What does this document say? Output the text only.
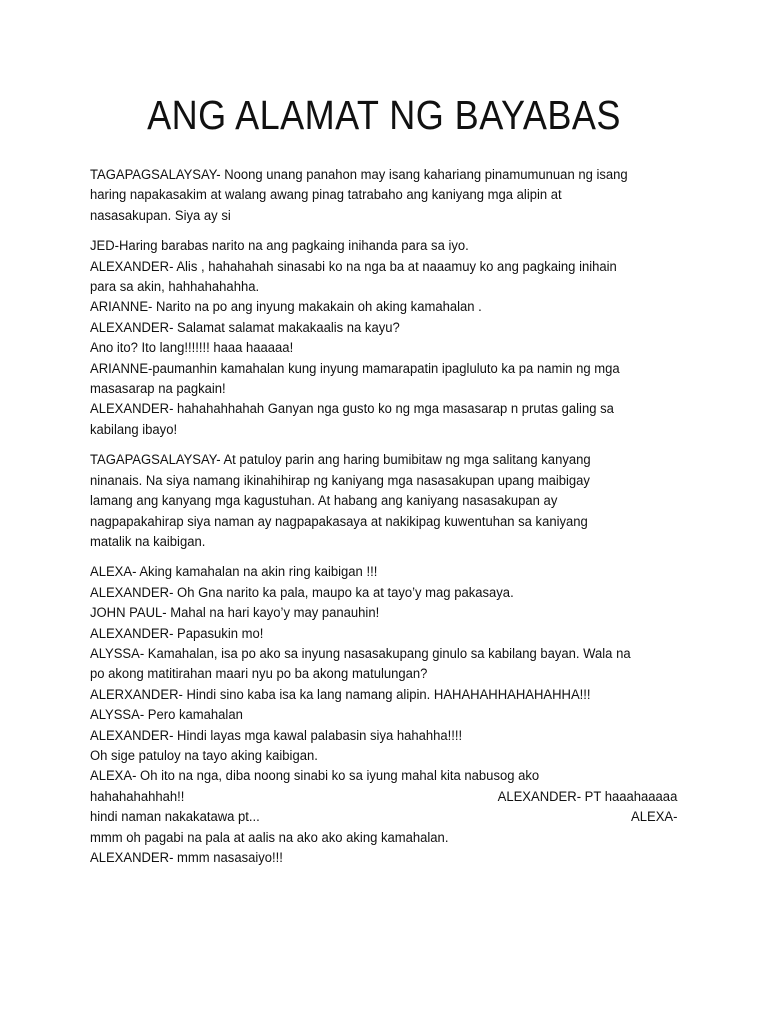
ANG ALAMAT NG BAYABAS
TAGAPAGSALAYSAY- Noong unang panahon may isang kahariang pinamumunuan ng isang
haring napakasakim at walang awang pinag tatrabaho ang kaniyang mga alipin at
nasasakupan. Siya ay si
JED-Haring barabas narito na ang pagkaing inihanda para sa iyo.
ALEXANDER- Alis , hahahahah sinasabi ko na nga ba at naaamuy ko ang pagkaing inihain
para sa akin, hahhahahahha.
ARIANNE- Narito na po ang inyung makakain oh aking kamahalan .
ALEXANDER- Salamat salamat makakaalis na kayu?
Ano ito? Ito lang!!!!!!! haaa haaaaa!
ARIANNE-paumanhin kamahalan kung inyung mamarapatin ipagluluto ka pa namin ng mga
masasarap na pagkain!
ALEXANDER- hahahahhahah Ganyan nga gusto ko ng mga masasarap n prutas galing sa
kabilang ibayo!
TAGAPAGSALAYSAY- At patuloy parin ang haring bumibitaw ng mga salitang kanyang
ninanais. Na siya namang ikinahihirap ng kaniyang mga nasasakupan upang maibigay
lamang ang kanyang mga kagustuhan. At habang ang kaniyang nasasakupan ay
nagpapakahirap siya naman ay nagpapakasaya at nakikipag kuwentuhan sa kaniyang
matalik na kaibigan.
ALEXA- Aking kamahalan na akin ring kaibigan !!!
ALEXANDER- Oh Gna narito ka pala, maupo ka at tayo’y mag pakasaya.
JOHN PAUL- Mahal na hari kayo’y may panauhin!
ALEXANDER- Papasukin mo!
ALYSSA- Kamahalan, isa po ako sa inyung nasasakupang ginulo sa kabilang bayan. Wala na
po akong matitirahan maari nyu po ba akong matulungan?
ALERXANDER- Hindi sino kaba isa ka lang namang alipin. HAHAHAHHAHAHAHHA!!!
ALYSSA- Pero kamahalan
ALEXANDER- Hindi layas mga kawal palabasin siya hahahha!!!!
Oh sige patuloy na tayo aking kaibigan.
ALEXA- Oh ito na nga, diba noong sinabi ko sa iyung mahal kita nabusog ako
hahahahahhah!!	ALEXANDER- PT haaahaaaaa
hindi naman nakakatawa pt...	ALEXA-
mmm oh pagabi na pala at aalis na ako ako aking kamahalan.
ALEXANDER- mmm nasasaiyo!!!
